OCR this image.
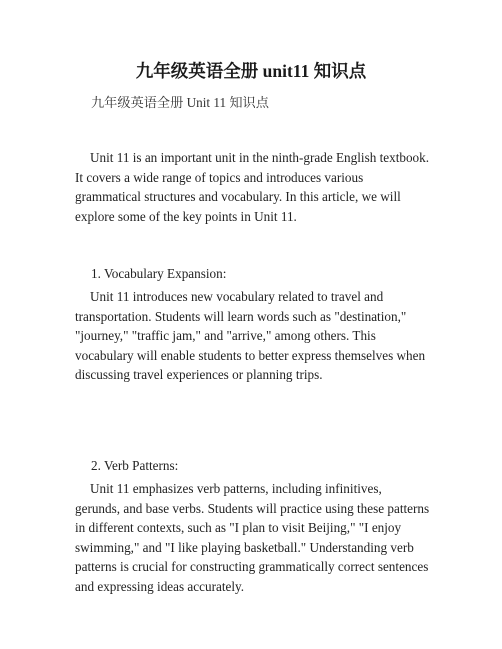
九年级英语全册 unit11 知识点
九年级英语全册 Unit 11 知识点
Unit 11 is an important unit in the ninth-grade English textbook. It covers a wide range of topics and introduces various grammatical structures and vocabulary. In this article, we will explore some of the key points in Unit 11.
1. Vocabulary Expansion:
Unit 11 introduces new vocabulary related to travel and transportation. Students will learn words such as "destination," "journey," "traffic jam," and "arrive," among others. This vocabulary will enable students to better express themselves when discussing travel experiences or planning trips.
2. Verb Patterns:
Unit 11 emphasizes verb patterns, including infinitives, gerunds, and base verbs. Students will practice using these patterns in different contexts, such as "I plan to visit Beijing," "I enjoy swimming," and "I like playing basketball." Understanding verb patterns is crucial for constructing grammatically correct sentences and expressing ideas accurately.
